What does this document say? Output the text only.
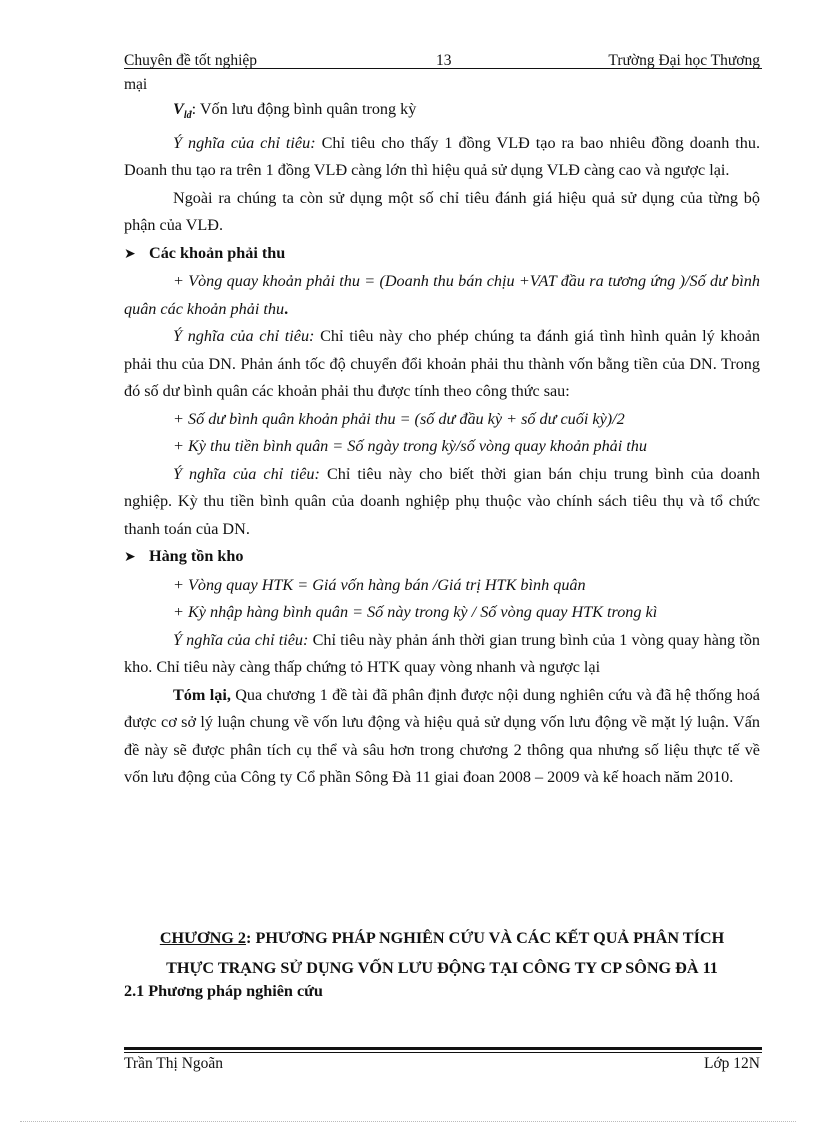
Chuyên đề tốt nghiệp	13	Trường Đại học Thương
mại

$V_{lđ}$: Vốn lưu động bình quân trong kỳ

Ý nghĩa của chỉ tiêu: Chỉ tiêu cho thấy 1 đồng VLĐ tạo ra bao nhiêu đồng doanh thu. Doanh thu tạo ra trên 1 đồng VLĐ càng lớn thì hiệu quả sử dụng VLĐ càng cao và ngược lại.

Ngoài ra chúng ta còn sử dụng một số chỉ tiêu đánh giá hiệu quả sử dụng của từng bộ phận của VLĐ.

➤ Các khoản phải thu

+ Vòng quay khoản phải thu = (Doanh thu bán chịu +VAT đầu ra tương ứng )/Số dư bình quân các khoản phải thu.

Ý nghĩa của chỉ tiêu: Chỉ tiêu này cho phép chúng ta đánh giá tình hình quản lý khoản phải thu của DN. Phản ánh tốc độ chuyển đổi khoản phải thu thành vốn bằng tiền của DN. Trong đó số dư bình quân các khoản phải thu được tính theo công thức sau:

+ Số dư bình quân khoản phải thu = (số dư đầu kỳ + số dư cuối kỳ)/2

+ Kỳ thu tiền bình quân = Số ngày trong kỳ/số vòng quay khoản phải thu

Ý nghĩa của chỉ tiêu: Chỉ tiêu này cho biết thời gian bán chịu trung bình của doanh nghiệp. Kỳ thu tiền bình quân của doanh nghiệp phụ thuộc vào chính sách tiêu thụ và tổ chức thanh toán của DN.

➤ Hàng tồn kho

+ Vòng quay HTK = Giá vốn hàng bán /Giá trị HTK bình quân

+ Kỳ nhập hàng bình quân = Số này trong kỳ / Số vòng quay HTK trong kì

Ý nghĩa của chỉ tiêu: Chỉ tiêu này phản ánh thời gian trung bình của 1 vòng quay hàng tồn kho. Chỉ tiêu này càng thấp chứng tỏ HTK quay vòng nhanh và ngược lại

Tóm lại, Qua chương 1 đề tài đã phân định được nội dung nghiên cứu và đã hệ thống hoá được cơ sở lý luận chung về vốn lưu động và hiệu quả sử dụng vốn lưu động về mặt lý luận. Vấn đề này sẽ được phân tích cụ thể và sâu hơn trong chương 2 thông qua nhưng số liệu thực tế về vốn lưu động của Công ty Cổ phần Sông Đà 11 giai đoan 2008 – 2009 và kế hoach năm 2010.

CHƯƠNG 2: PHƯƠNG PHÁP NGHIÊN CỨU VÀ CÁC KẾT QUẢ PHÂN TÍCH
THỰC TRẠNG SỬ DỤNG VỐN LƯU ĐỘNG TẠI CÔNG TY CP SÔNG ĐÀ 11
2.1 Phương pháp nghiên cứu
Trần Thị Ngoãn	Lớp 12N
